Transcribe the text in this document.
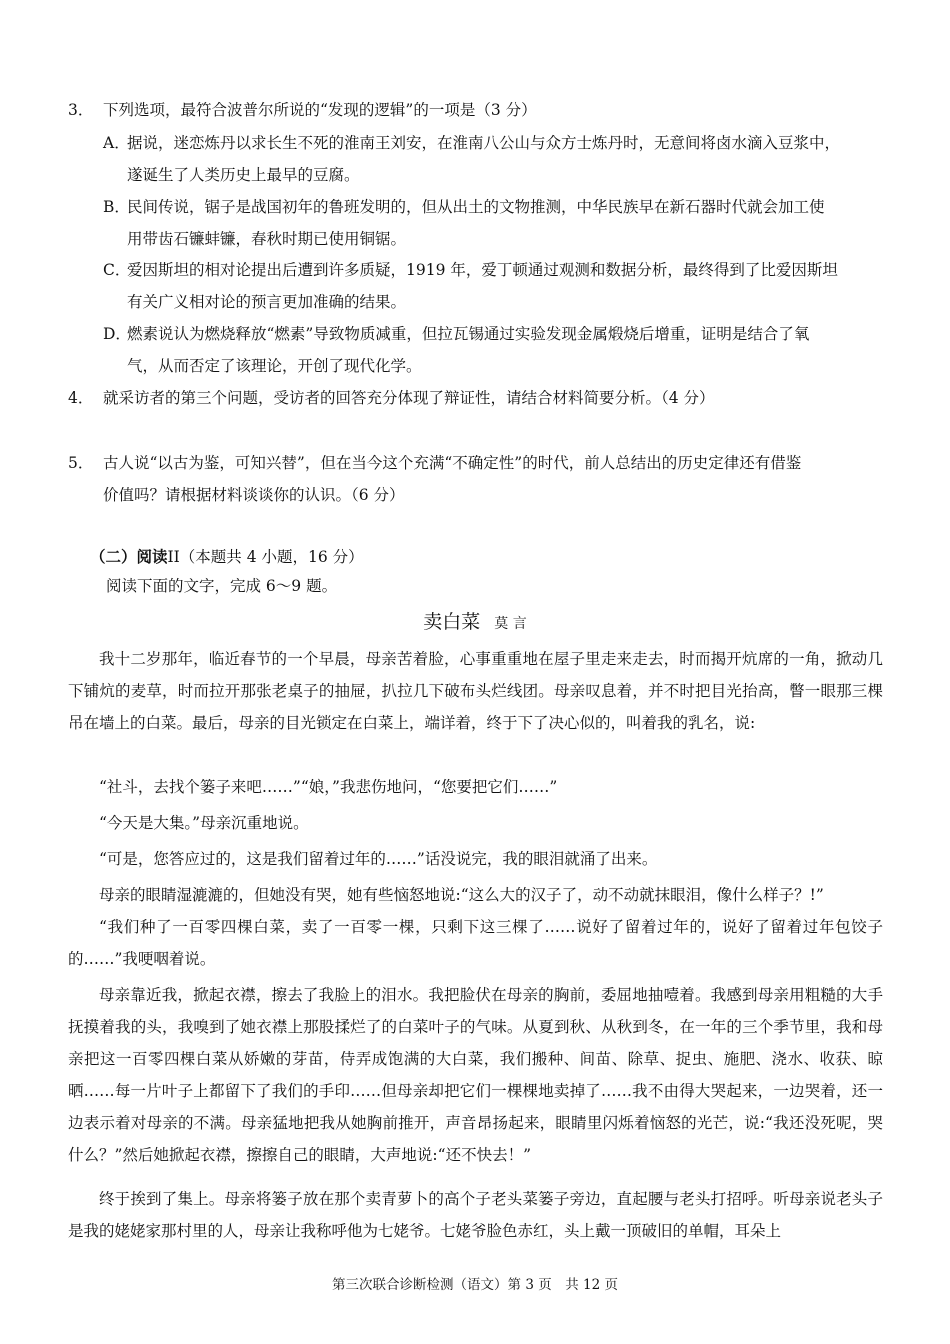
3． 下列选项，最符合波普尔所说的“发现的逻辑”的一项是（3 分）
A．
据说，迷恋炼丹以求长生不死的淮南王刘安，在淮南八公山与众方士炼丹时，无意间将卤水滴入豆浆中，
遂诞生了人类历史上最早的豆腐。
B．
民间传说，锯子是战国初年的鲁班发明的，但从出土的文物推测，中华民族早在新石器时代就会加工使
用带齿石镰蚌镰，春秋时期已使用铜锯。
C．
爱因斯坦的相对论提出后遭到许多质疑，1919 年，爱丁顿通过观测和数据分析，最终得到了比爱因斯坦
有关广义相对论的预言更加准确的结果。
D．
燃素说认为燃烧释放“燃素”导致物质减重，但拉瓦锡通过实验发现金属煅烧后增重，证明是结合了氧
气，从而否定了该理论，开创了现代化学。
4． 就采访者的第三个问题，受访者的回答充分体现了辩证性，请结合材料简要分析。（4 分）
5． 古人说“以古为鉴，可知兴替”，但在当今这个充满“不确定性”的时代，前人总结出的历史定律还有借鉴
价值吗？请根据材料谈谈你的认识。（6 分）
（二）阅读II（本题共 4 小题，16 分）
阅读下面的文字，完成 6～9 题。
卖白菜 莫 言
我十二岁那年，临近春节的一个早晨，母亲苦着脸，心事重重地在屋子里走来走去，时而揭开炕席的一角，掀动几下铺炕的麦草，时而拉开那张老桌子的抽屉，扒拉几下破布头烂线团。母亲叹息着，并不时把目光抬高，瞥一眼那三棵吊在墙上的白菜。最后，母亲的目光锁定在白菜上，端详着，终于下了决心似的，叫着我的乳名，说:
“社斗，去找个篓子来吧……”“娘，”我悲伤地问，“您要把它们……”
“今天是大集。”母亲沉重地说。
“可是，您答应过的，这是我们留着过年的……”话没说完，我的眼泪就涌了出来。
母亲的眼睛湿漉漉的，但她没有哭，她有些恼怒地说:“这么大的汉子了，动不动就抹眼泪，像什么样子？!”
“我们种了一百零四棵白菜，卖了一百零一棵，只剩下这三棵了……说好了留着过年的，说好了留着过年包饺子的……”我哽咽着说。
母亲靠近我，掀起衣襟，擦去了我脸上的泪水。我把脸伏在母亲的胸前，委屈地抽噎着。我感到母亲用粗糙的大手抚摸着我的头，我嗅到了她衣襟上那股揉烂了的白菜叶子的气味。从夏到秋、从秋到冬，在一年的三个季节里，我和母亲把这一百零四棵白菜从娇嫩的芽苗，侍弄成饱满的大白菜，我们搬种、间苗、除草、捉虫、施肥、浇水、收获、晾晒……每一片叶子上都留下了我们的手印……但母亲却把它们一棵棵地卖掉了……我不由得大哭起来，一边哭着，还一边表示着对母亲的不满。母亲猛地把我从她胸前推开，声音昂扬起来，眼睛里闪烁着恼怒的光芒，说:“我还没死呢，哭什么？”然后她掀起衣襟，擦擦自己的眼睛，大声地说:“还不快去！”
终于挨到了集上。母亲将篓子放在那个卖青萝卜的高个子老头菜篓子旁边，直起腰与老头打招呼。听母亲说老头子是我的姥姥家那村里的人，母亲让我称呼他为七姥爷。七姥爷脸色赤红，头上戴一顶破旧的单帽，耳朵上
第三次联合诊断检测（语文）第 3 页　共 12 页
